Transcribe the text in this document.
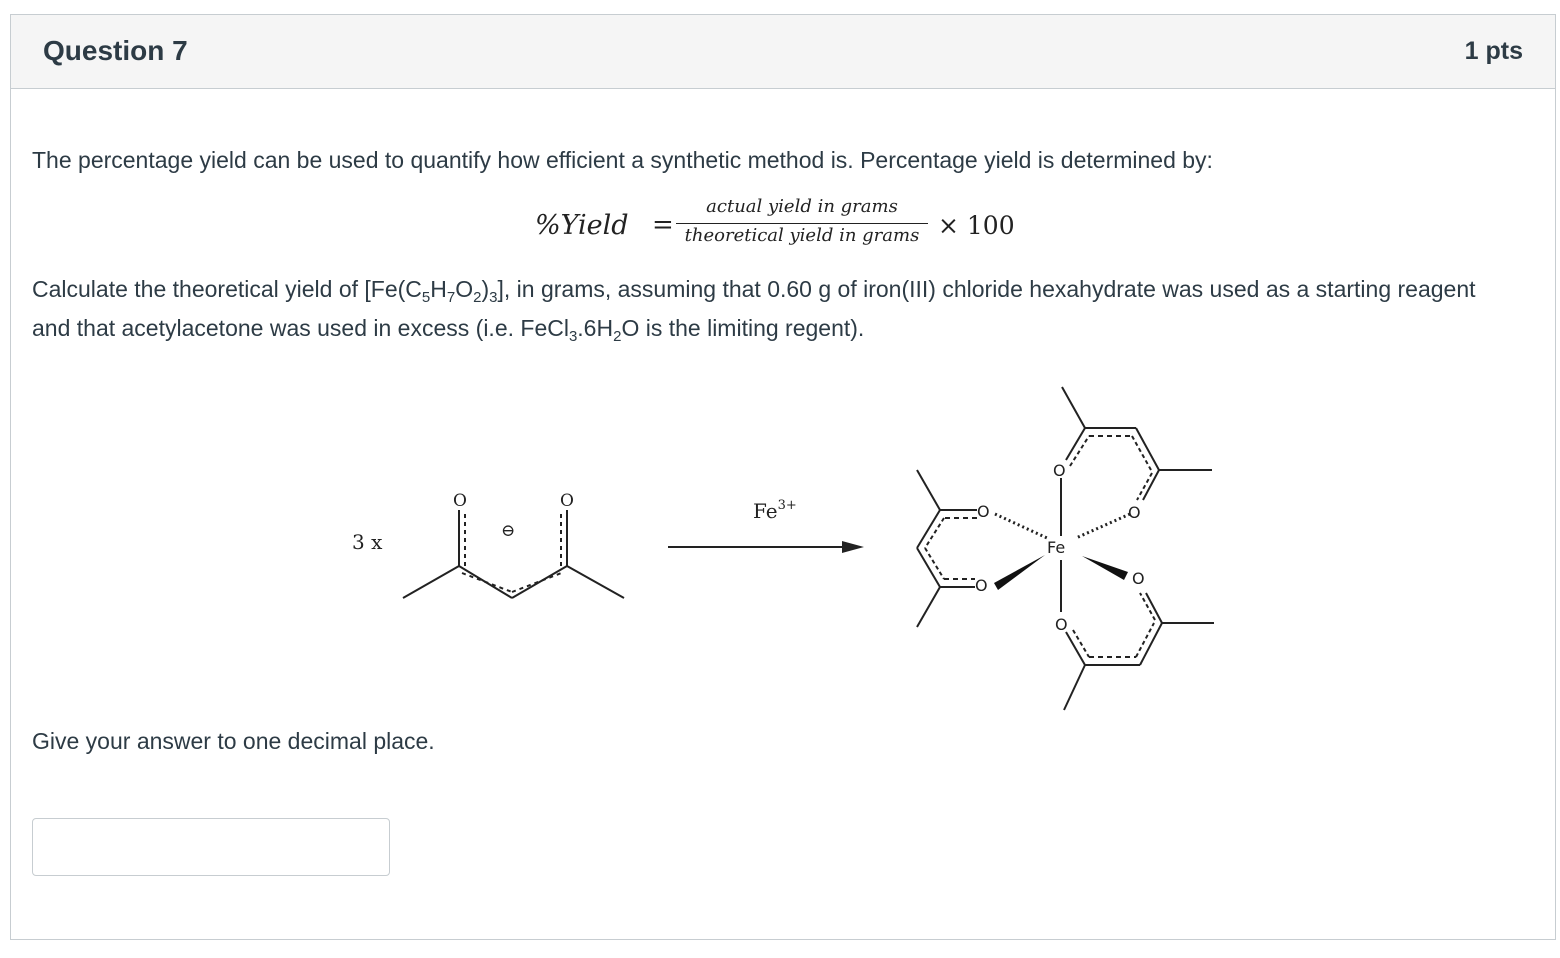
Question 7	1 pts
The percentage yield can be used to quantify how efficient a synthetic method is. Percentage yield is determined by:
%Yield =
actual yield in grams
theoretical yield in grams × 100
Calculate the theoretical yield of $[Fe(C_5H_7O_2)_3]$, in grams, assuming that 0.60 g of iron(III) chloride hexahydrate was used as a starting reagent and that acetylacetone was used in excess (i.e. $FeCl_3.6H_2O$ is the limiting regent).
3 x
O	O
⊖
$Fe^{3+}$
O
O	O
O	O
O
Fe
Give your answer to one decimal place.
